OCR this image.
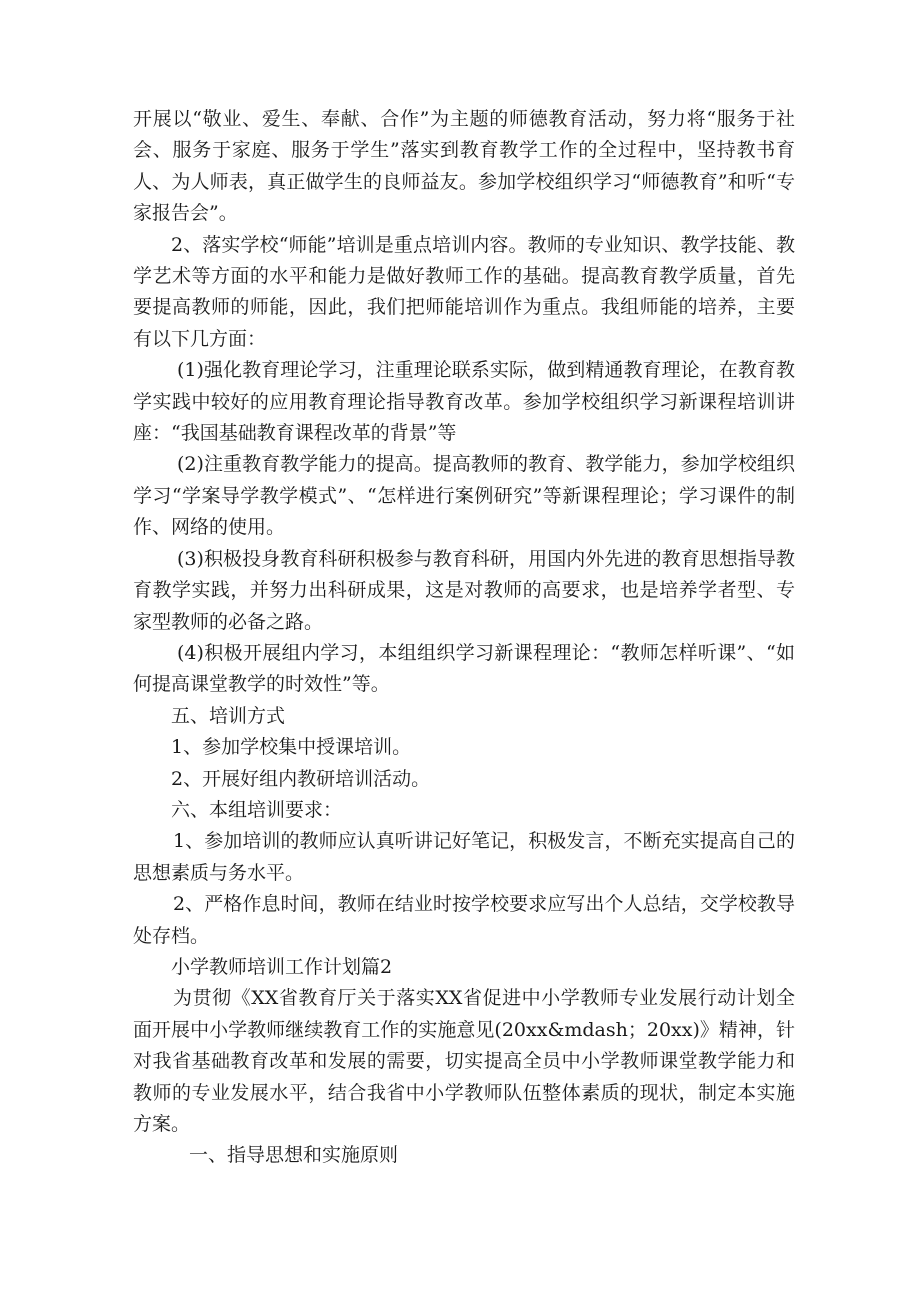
开展以“敬业、爱生、奉献、合作”为主题的师德教育活动，努力将“服务于社会、服务于家庭、服务于学生”落实到教育教学工作的全过程中，坚持教书育人、为人师表，真正做学生的良师益友。参加学校组织学习“师德教育”和听“专家报告会”。

2、落实学校“师能”培训是重点培训内容。教师的专业知识、教学技能、教学艺术等方面的水平和能力是做好教师工作的基础。提高教育教学质量，首先要提高教师的师能，因此，我们把师能培训作为重点。我组师能的培养，主要有以下几方面：

(1)强化教育理论学习，注重理论联系实际，做到精通教育理论，在教育教学实践中较好的应用教育理论指导教育改革。参加学校组织学习新课程培训讲座：“我国基础教育课程改革的背景”等

(2)注重教育教学能力的提高。提高教师的教育、教学能力，参加学校组织学习“学案导学教学模式”、“怎样进行案例研究”等新课程理论；学习课件的制作、网络的使用。

(3)积极投身教育科研积极参与教育科研，用国内外先进的教育思想指导教育教学实践，并努力出科研成果，这是对教师的高要求，也是培养学者型、专家型教师的必备之路。

(4)积极开展组内学习，本组组织学习新课程理论：“教师怎样听课”、“如何提高课堂教学的时效性”等。

五、培训方式

1、参加学校集中授课培训。

2、开展好组内教研培训活动。

六、本组培训要求：

1、参加培训的教师应认真听讲记好笔记，积极发言，不断充实提高自己的思想素质与务水平。

2、严格作息时间，教师在结业时按学校要求应写出个人总结，交学校教导处存档。

小学教师培训工作计划篇2

为贯彻《XX省教育厅关于落实XX省促进中小学教师专业发展行动计划全面开展中小学教师继续教育工作的实施意见(20xx&mdash；20xx)》精神，针对我省基础教育改革和发展的需要，切实提高全员中小学教师课堂教学能力和教师的专业发展水平，结合我省中小学教师队伍整体素质的现状，制定本实施方案。

一、指导思想和实施原则
